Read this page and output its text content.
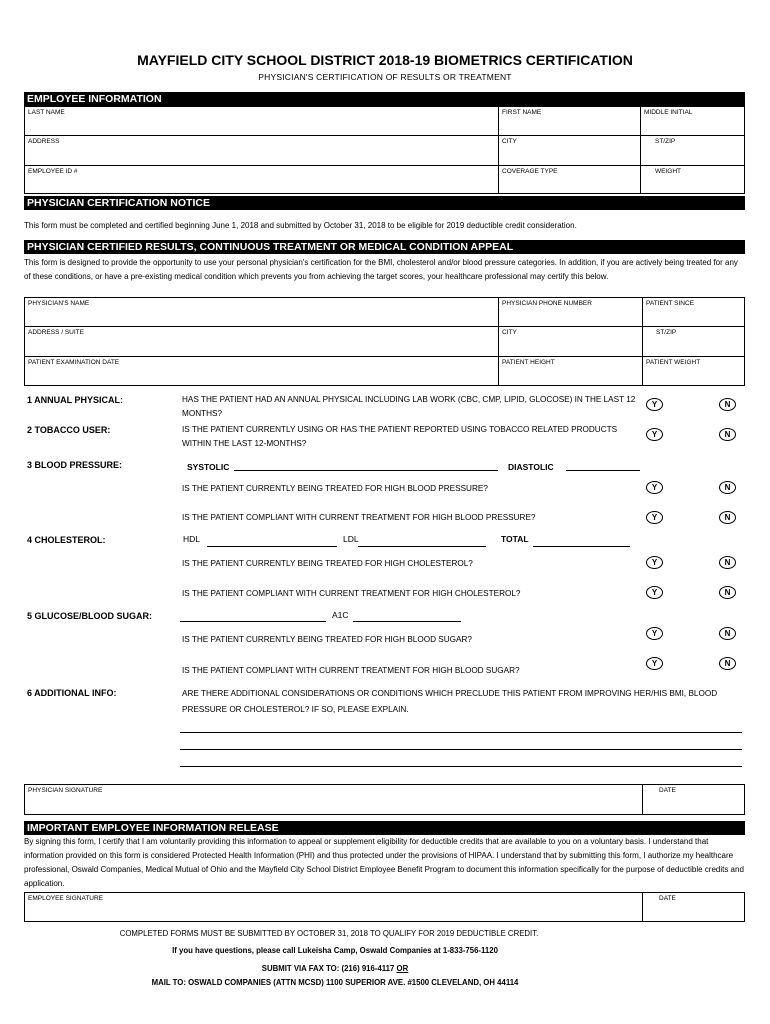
MAYFIELD CITY SCHOOL DISTRICT 2018-19 BIOMETRICS CERTIFICATION
PHYSICIAN'S CERTIFICATION OF RESULTS OR TREATMENT
EMPLOYEE INFORMATION
LAST NAME	FIRST NAME	MIDDLE INITIAL
ADDRESS	CITY	ST/ZIP
EMPLOYEE ID #	COVERAGE TYPE	WEIGHT
PHYSICIAN CERTIFICATION NOTICE
This form must be completed and certified beginning June 1, 2018 and submitted by October 31, 2018 to be eligible for 2019 deductible credit consideration.
PHYSICIAN CERTIFIED RESULTS, CONTINUOUS TREATMENT OR MEDICAL CONDITION APPEAL
This form is designed to provide the opportunity to use your personal physician's certification for the BMI, cholesterol and/or blood pressure categories. In addition, if you are actively being treated for any of these conditions, or have a pre-existing medical condition which prevents you from achieving the target scores, your healthcare professional may certify this below.
PHYSICIAN'S NAME	PHYSICIAN PHONE NUMBER	PATIENT SINCE
ADDRESS / SUITE	CITY	ST/ZIP
PATIENT EXAMINATION DATE	PATIENT HEIGHT	PATIENT WEIGHT
1 ANNUAL PHYSICAL:	HAS THE PATIENT HAD AN ANNUAL PHYSICAL INCLUDING LAB WORK (CBC, CMP, LIPID, GLOCOSE) IN THE LAST 12 MONTHS?
Y	N
2 TOBACCO USER:	IS THE PATIENT CURRENTLY USING OR HAS THE PATIENT REPORTED USING TOBACCO RELATED PRODUCTS WITHIN THE LAST 12-MONTHS?
Y	N
3 BLOOD PRESSURE:	SYSTOLIC	DIASTOLIC
IS THE PATIENT CURRENTLY BEING TREATED FOR HIGH BLOOD PRESSURE?	Y	N
IS THE PATIENT COMPLIANT WITH CURRENT TREATMENT FOR HIGH BLOOD PRESSURE?	Y	N
4 CHOLESTEROL:	HDL	LDL	TOTAL
IS THE PATIENT CURRENTLY BEING TREATED FOR HIGH CHOLESTEROL?	Y	N
IS THE PATIENT COMPLIANT WITH CURRENT TREATMENT FOR HIGH CHOLESTEROL?	Y	N
5 GLUCOSE/BLOOD SUGAR:	A1C
IS THE PATIENT CURRENTLY BEING TREATED FOR HIGH BLOOD SUGAR?
Y	N
IS THE PATIENT COMPLIANT WITH CURRENT TREATMENT FOR HIGH BLOOD SUGAR?
Y	N
6 ADDITIONAL INFO:	ARE THERE ADDITIONAL CONSIDERATIONS OR CONDITIONS WHICH PRECLUDE THIS PATIENT FROM IMPROVING HER/HIS BMI, BLOOD PRESSURE OR CHOLESTEROL? IF SO, PLEASE EXPLAIN.
PHYSICIAN SIGNATURE	DATE
IMPORTANT EMPLOYEE INFORMATION RELEASE
By signing this form, I certify that I am voluntarily providing this information to appeal or supplement eligibility for deductible credits that are available to you on a voluntary basis. I understand that information provided on this form is considered Protected Health Information (PHI) and thus protected under the provisions of HIPAA. I understand that by submitting this form, I authorize my healthcare professional, Oswald Companies, Medical Mutual of Ohio and the Mayfield City School District Employee Benefit Program to document this information specifically for the purpose of deductible credits and application.
EMPLOYEE SIGNATURE	DATE
COMPLETED FORMS MUST BE SUBMITTED BY OCTOBER 31, 2018 TO QUALIFY FOR 2019 DEDUCTIBLE CREDIT.
If you have questions, please call Lukeisha Camp, Oswald Companies at 1-833-756-1120
SUBMIT VIA FAX TO: (216) 916-4117 OR
MAIL TO: OSWALD COMPANIES (ATTN MCSD) 1100 SUPERIOR AVE. #1500 CLEVELAND, OH 44114
